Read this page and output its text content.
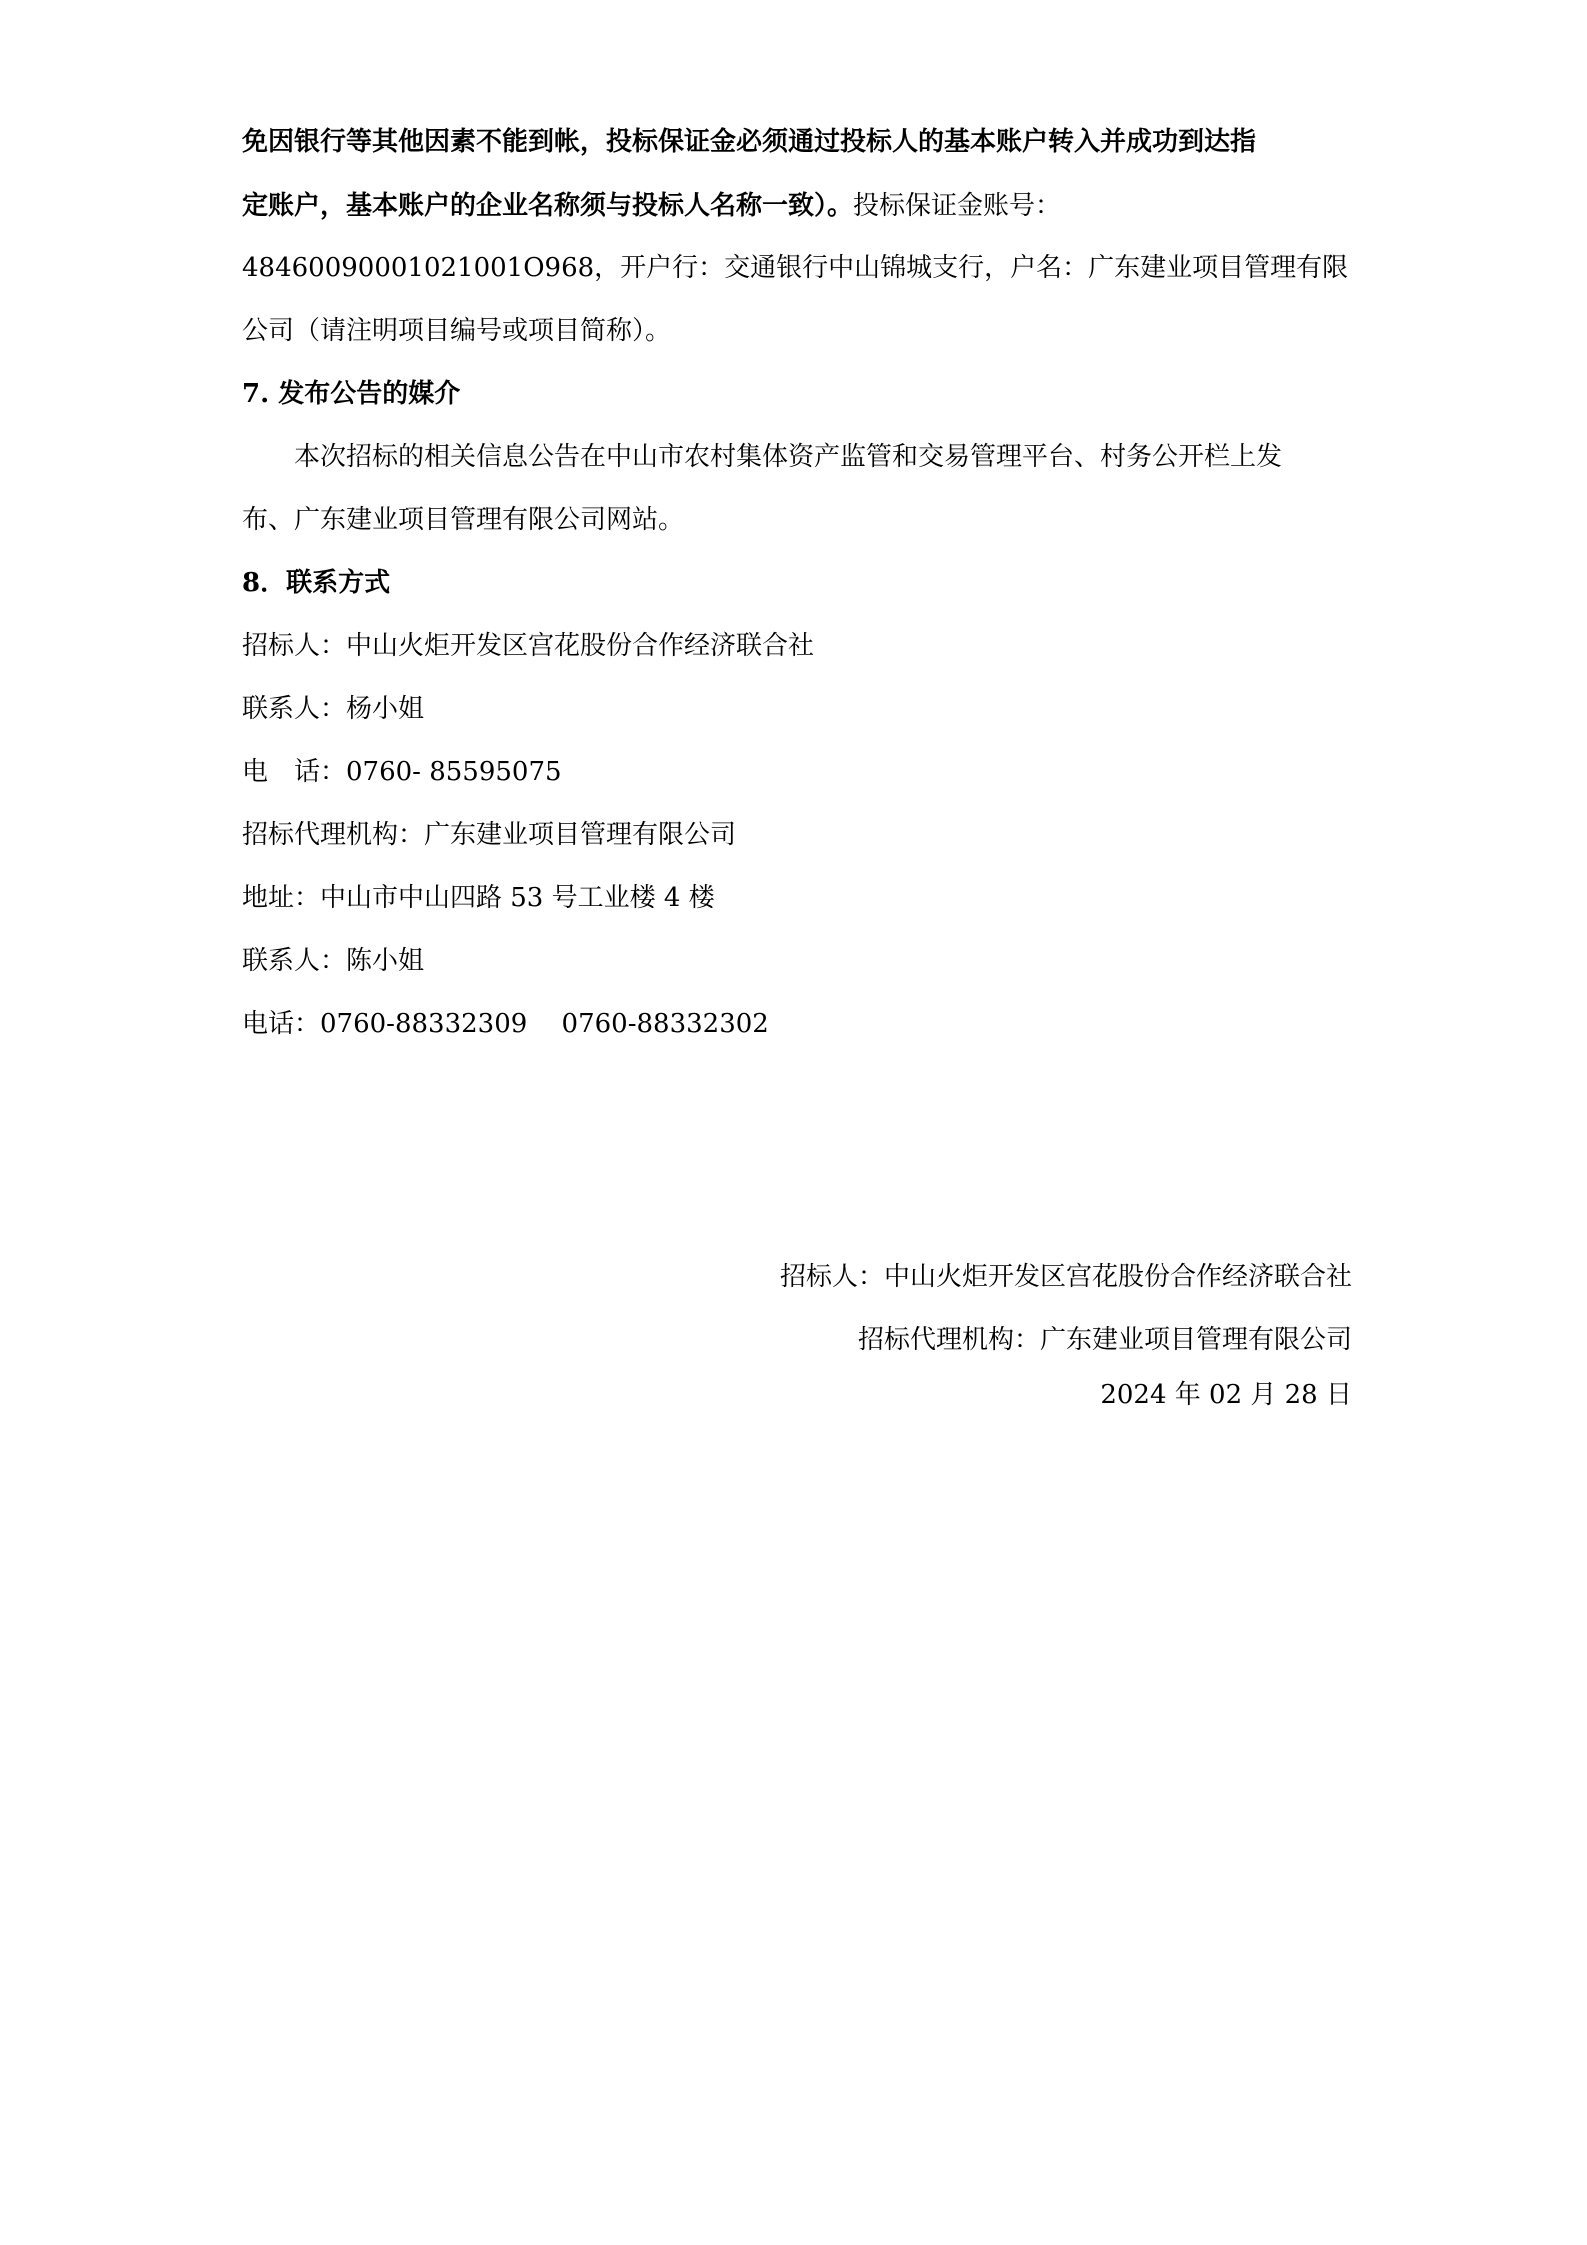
免因银行等其他因素不能到帐，投标保证金必须通过投标人的基本账户转入并成功到达指
定账户，基本账户的企业名称须与投标人名称一致）。投标保证金账号：
48460090001021001O968，开户行：交通银行中山锦城支行，户名：广东建业项目管理有限
公司（请注明项目编号或项目简称）。
7. 发布公告的媒介
本次招标的相关信息公告在中山市农村集体资产监管和交易管理平台、村务公开栏上发
布、广东建业项目管理有限公司网站。
8．联系方式
招标人：中山火炬开发区宫花股份合作经济联合社
联系人：杨小姐
电　话：0760- 85595075
招标代理机构：广东建业项目管理有限公司
地址：中山市中山四路 53 号工业楼 4 楼
联系人：陈小姐
电话：0760-88332309　 0760-88332302
招标人：中山火炬开发区宫花股份合作经济联合社
招标代理机构：广东建业项目管理有限公司
2024 年 02 月 28 日
